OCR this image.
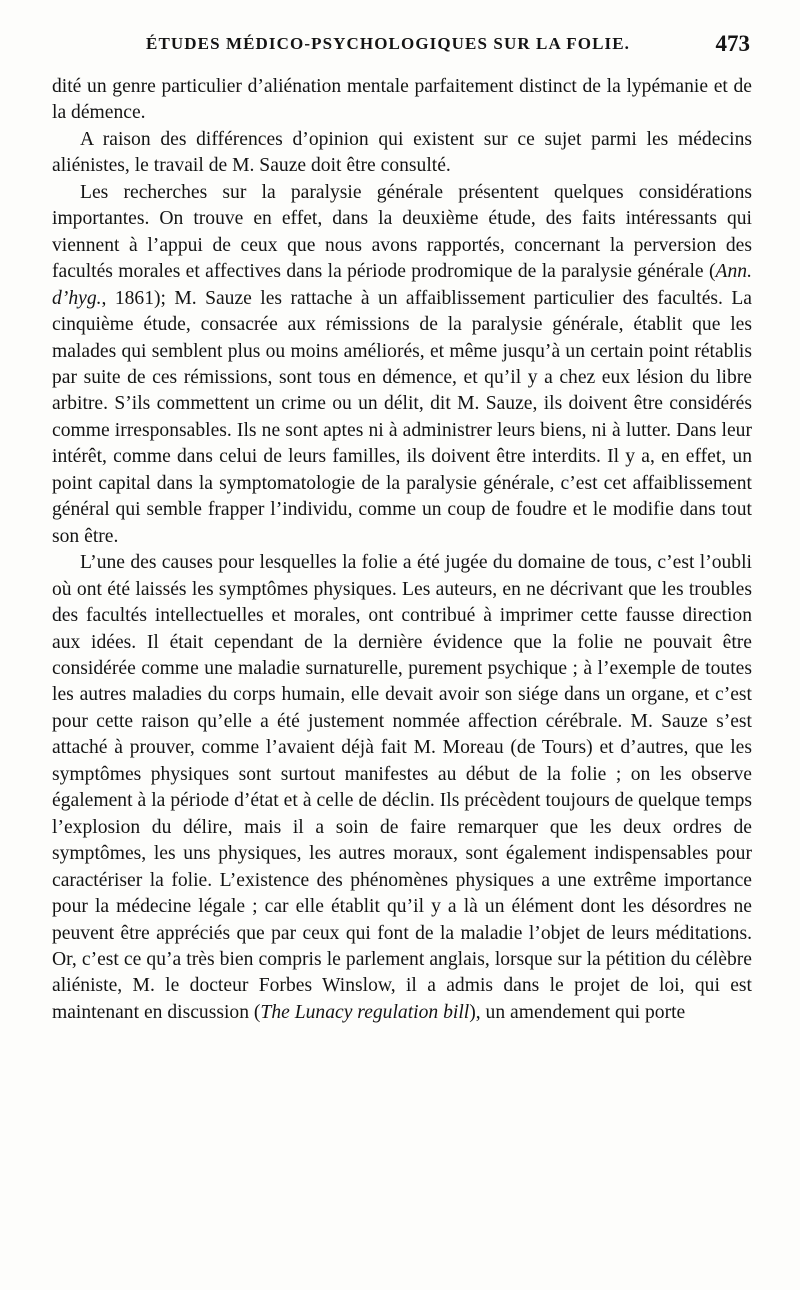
ÉTUDES MÉDICO-PSYCHOLOGIQUES SUR LA FOLIE.	473

dité un genre particulier d’aliénation mentale parfaitement distinct de la lypémanie et de la démence.

A raison des différences d’opinion qui existent sur ce sujet parmi les médecins aliénistes, le travail de M. Sauze doit être consulté.

Les recherches sur la paralysie générale présentent quelques considérations importantes. On trouve en effet, dans la deuxième étude, des faits intéressants qui viennent à l’appui de ceux que nous avons rapportés, concernant la perversion des facultés morales et affectives dans la période prodromique de la paralysie générale (Ann. d’hyg., 1861); M. Sauze les rattache à un affaiblissement particulier des facultés. La cinquième étude, consacrée aux rémissions de la paralysie générale, établit que les malades qui semblent plus ou moins améliorés, et même jusqu’à un certain point rétablis par suite de ces rémissions, sont tous en démence, et qu’il y a chez eux lésion du libre arbitre. S’ils commettent un crime ou un délit, dit M. Sauze, ils doivent être considérés comme irresponsables. Ils ne sont aptes ni à administrer leurs biens, ni à lutter. Dans leur intérêt, comme dans celui de leurs familles, ils doivent être interdits. Il y a, en effet, un point capital dans la symptomatologie de la paralysie générale, c’est cet affaiblissement général qui semble frapper l’individu, comme un coup de foudre et le modifie dans tout son être.

L’une des causes pour lesquelles la folie a été jugée du domaine de tous, c’est l’oubli où ont été laissés les symptômes physiques. Les auteurs, en ne décrivant que les troubles des facultés intellectuelles et morales, ont contribué à imprimer cette fausse direction aux idées. Il était cependant de la dernière évidence que la folie ne pouvait être considérée comme une maladie surnaturelle, purement psychique ; à l’exemple de toutes les autres maladies du corps humain, elle devait avoir son siége dans un organe, et c’est pour cette raison qu’elle a été justement nommée affection cérébrale. M. Sauze s’est attaché à prouver, comme l’avaient déjà fait M. Moreau (de Tours) et d’autres, que les symptômes physiques sont surtout manifestes au début de la folie ; on les observe également à la période d’état et à celle de déclin. Ils précèdent toujours de quelque temps l’explosion du délire, mais il a soin de faire remarquer que les deux ordres de symptômes, les uns physiques, les autres moraux, sont également indispensables pour caractériser la folie. L’existence des phénomènes physiques a une extrême importance pour la médecine légale ; car elle établit qu’il y a là un élément dont les désordres ne peuvent être appréciés que par ceux qui font de la maladie l’objet de leurs méditations. Or, c’est ce qu’a très bien compris le parlement anglais, lorsque sur la pétition du célèbre aliéniste, M. le docteur Forbes Winslow, il a admis dans le projet de loi, qui est maintenant en discussion (The Lunacy regulation bill), un amendement qui porte
